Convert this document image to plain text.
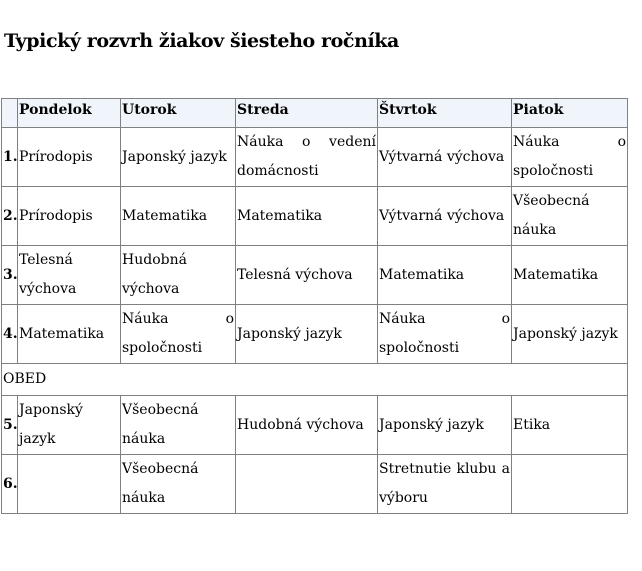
Typický rozvrh žiakov šiesteho ročníka
	Pondelok	Utorok	Streda	Štvrtok	Piatok
1.	Prírodopis	Japonský jazyk	Náuka o vedení domácnosti	Výtvarná výchova	Náuka o spoločnosti
2.	Prírodopis	Matematika	Matematika	Výtvarná výchova	Všeobecná náuka
3.	Telesná výchova	Hudobná výchova	Telesná výchova	Matematika	Matematika
4.	Matematika	Náuka o spoločnosti	Japonský jazyk	Náuka o spoločnosti	Japonský jazyk
OBED					
5.	Japonský jazyk	Všeobecná náuka	Hudobná výchova	Japonský jazyk	Etika
6.		Všeobecná náuka		Stretnutie klubu a výboru	
